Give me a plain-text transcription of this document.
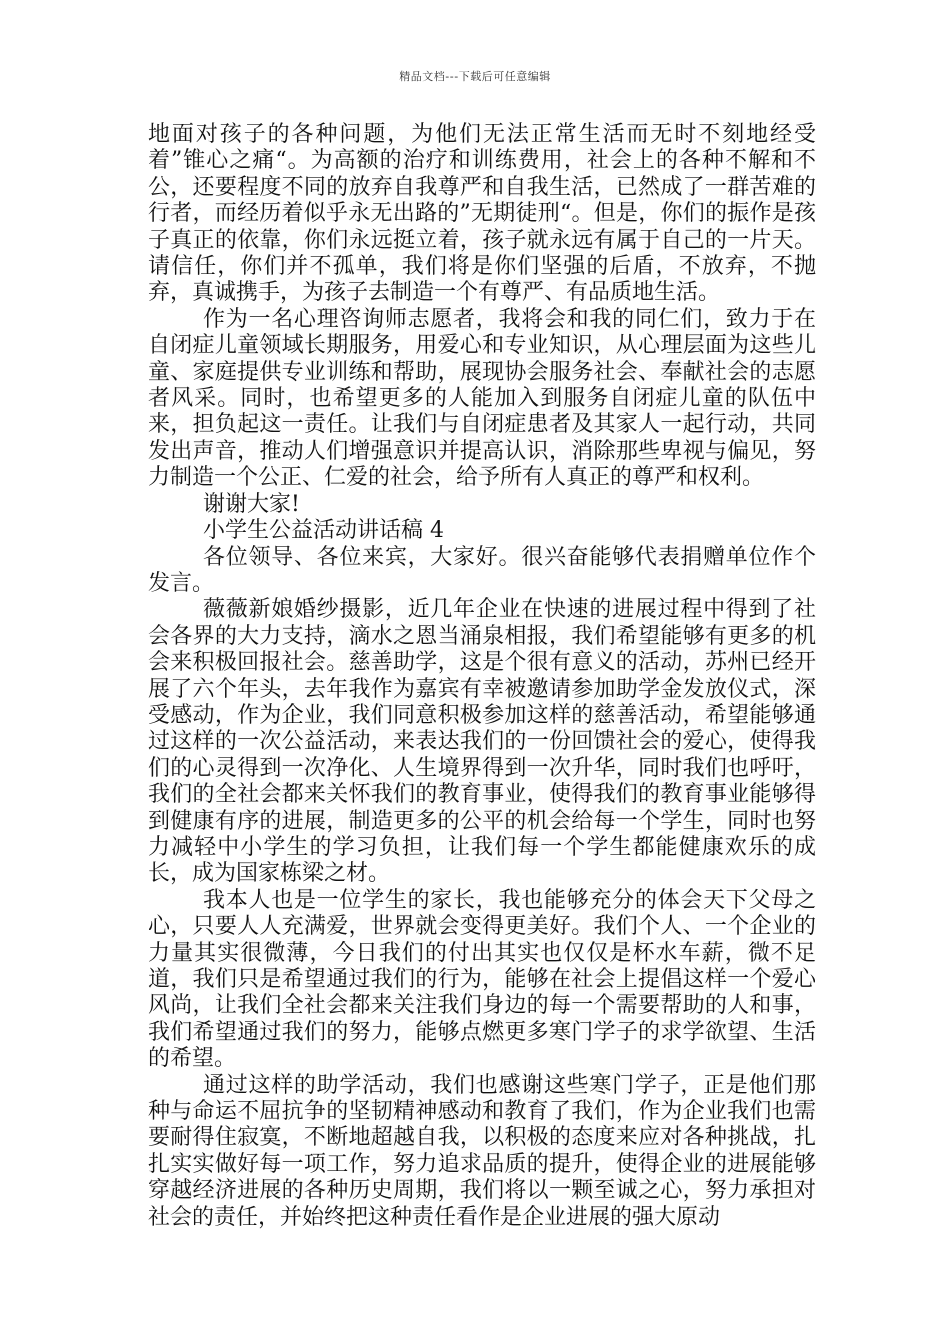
精品文档---下载后可任意编辑

地面对孩子的各种问题，为他们无法正常生活而无时不刻地经受着”锥心之痛“。为高额的治疗和训练费用，社会上的各种不解和不公，还要程度不同的放弃自我尊严和自我生活，已然成了一群苦难的行者，而经历着似乎永无出路的”无期徒刑“。但是，你们的振作是孩子真正的依靠，你们永远挺立着，孩子就永远有属于自己的一片天。请信任，你们并不孤单，我们将是你们坚强的后盾，不放弃，不抛弃，真诚携手，为孩子去制造一个有尊严、有品质地生活。

作为一名心理咨询师志愿者，我将会和我的同仁们，致力于在自闭症儿童领域长期服务，用爱心和专业知识，从心理层面为这些儿童、家庭提供专业训练和帮助，展现协会服务社会、奉献社会的志愿者风采。同时，也希望更多的人能加入到服务自闭症儿童的队伍中来，担负起这一责任。让我们与自闭症患者及其家人一起行动，共同发出声音，推动人们增强意识并提高认识，消除那些卑视与偏见，努力制造一个公正、仁爱的社会，给予所有人真正的尊严和权利。

谢谢大家!

小学生公益活动讲话稿 4

各位领导、各位来宾，大家好。很兴奋能够代表捐赠单位作个发言。

薇薇新娘婚纱摄影，近几年企业在快速的进展过程中得到了社会各界的大力支持，滴水之恩当涌泉相报，我们希望能够有更多的机会来积极回报社会。慈善助学，这是个很有意义的活动，苏州已经开展了六个年头，去年我作为嘉宾有幸被邀请参加助学金发放仪式，深受感动，作为企业，我们同意积极参加这样的慈善活动，希望能够通过这样的一次公益活动，来表达我们的一份回馈社会的爱心，使得我们的心灵得到一次净化、人生境界得到一次升华，同时我们也呼吁，我们的全社会都来关怀我们的教育事业，使得我们的教育事业能够得到健康有序的进展，制造更多的公平的机会给每一个学生，同时也努力减轻中小学生的学习负担，让我们每一个学生都能健康欢乐的成长，成为国家栋梁之材。

我本人也是一位学生的家长，我也能够充分的体会天下父母之心，只要人人充满爱，世界就会变得更美好。我们个人、一个企业的力量其实很微薄，今日我们的付出其实也仅仅是杯水车薪，微不足道，我们只是希望通过我们的行为，能够在社会上提倡这样一个爱心风尚，让我们全社会都来关注我们身边的每一个需要帮助的人和事，我们希望通过我们的努力，能够点燃更多寒门学子的求学欲望、生活的希望。

通过这样的助学活动，我们也感谢这些寒门学子，正是他们那种与命运不屈抗争的坚韧精神感动和教育了我们，作为企业我们也需要耐得住寂寞，不断地超越自我，以积极的态度来应对各种挑战，扎扎实实做好每一项工作，努力追求品质的提升，使得企业的进展能够穿越经济进展的各种历史周期，我们将以一颗至诚之心，努力承担对社会的责任，并始终把这种责任看作是企业进展的强大原动
